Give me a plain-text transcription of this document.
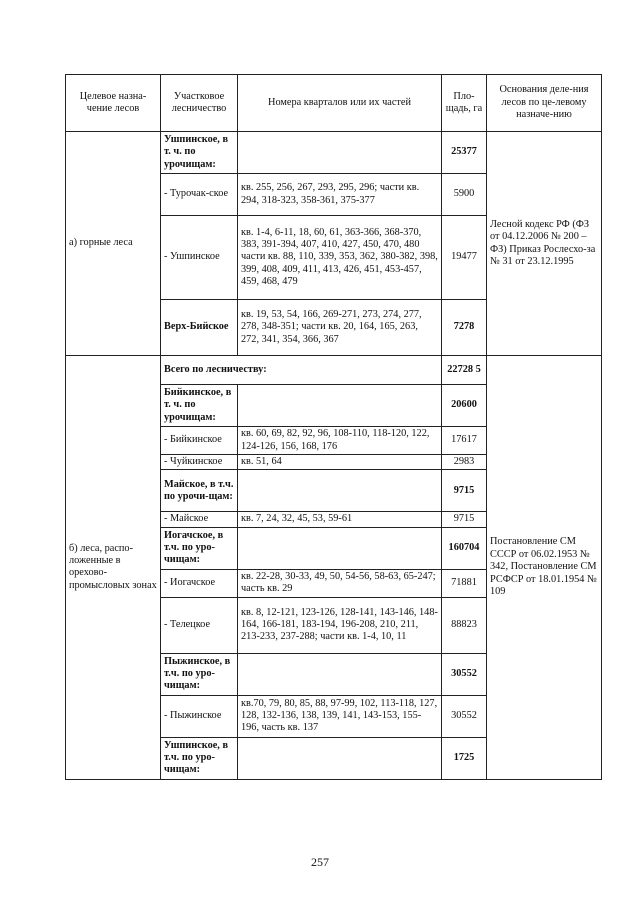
Целевое назна-чение лесов	Участковое лесничество	Номера кварталов или их частей	Пло-щадь, га	Основания деле-ния лесов по це-левому назначе-нию
а) горные леса	Ушпинское, в т. ч. по урочищам:		25377	Лесной кодекс РФ (ФЗ от 04.12.2006 № 200 – ФЗ) Приказ Рослесхо-за № 31 от 23.12.1995
	- Турочак-ское	кв. 255, 256, 267, 293, 295, 296; части кв. 294, 318-323, 358-361, 375-377	5900	
	- Ушпинское	кв. 1-4, 6-11, 18, 60, 61, 363-366, 368-370, 383, 391-394, 407, 410, 427, 450, 470, 480 части кв. 88, 110, 339, 353, 362, 380-382, 398, 399, 408, 409, 411, 413, 426, 451, 453-457, 459, 468, 479	19477	
	Верх-Бийское	кв. 19, 53, 54, 166, 269-271, 273, 274, 277, 278, 348-351; части кв. 20, 164, 165, 263, 272, 341, 354, 366, 367	7278	
б) леса, распо-ложенные в орехово-промысловых зонах	Всего по лесничеству:		22728 5	Постановление СМ СССР от 06.02.1953 № 342, Постановление СМ РСФСР от 18.01.1954 № 109
	Бийкинское, в т. ч. по урочищам:		20600	
	- Бийкинское	кв. 60, 69, 82, 92, 96, 108-110, 118-120, 122, 124-126, 156, 168, 176	17617	
	- Чуйкинское	кв. 51, 64	2983	
	Майское, в т.ч. по урочи-щам:		9715	
	- Майское	кв. 7, 24, 32, 45, 53, 59-61	9715	
	Иогачское, в т.ч. по уро-чищам:		160704	
	- Иогачское	кв. 22-28, 30-33, 49, 50, 54-56, 58-63, 65-247; часть кв. 29	71881	
	- Телецкое	кв. 8, 12-121, 123-126, 128-141, 143-146, 148-164, 166-181, 183-194, 196-208, 210, 211, 213-233, 237-288; части кв. 1-4, 10, 11	88823	
	Пыжинское, в т.ч. по уро-чищам:		30552	
	- Пыжинское	кв.70, 79, 80, 85, 88, 97-99, 102, 113-118, 127, 128, 132-136, 138, 139, 141, 143-153, 155-196, часть кв. 137	30552	
	Ушпинское, в т.ч. по уро-чищам:		1725	
257
